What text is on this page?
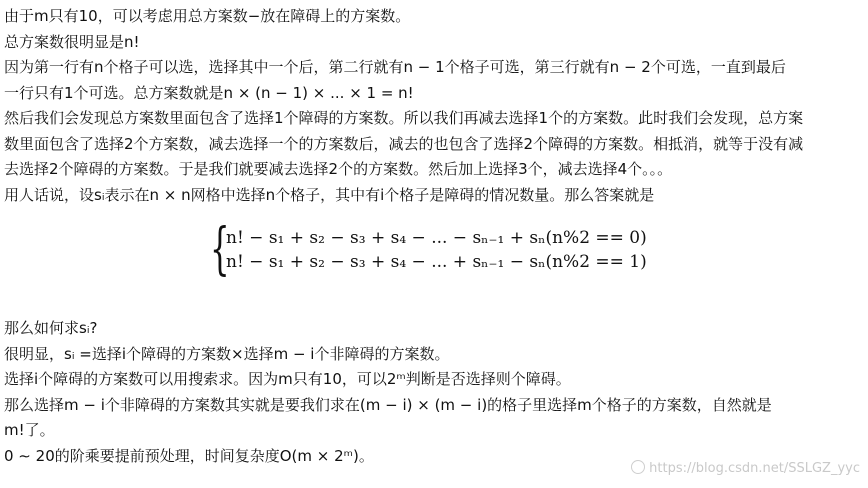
由于m只有10，可以考虑用总方案数−放在障碍上的方案数。
总方案数很明显是n!
因为第一行有n个格子可以选，选择其中一个后，第二行就有n − 1个格子可选，第三行就有n − 2个可选，一直到最后
一行只有1个可选。总方案数就是n × (n − 1) × ... × 1 = n!
然后我们会发现总方案数里面包含了选择1个障碍的方案数。所以我们再减去选择1个的方案数。此时我们会发现，总方案
数里面包含了选择2个方案数，减去选择一个的方案数后，减去的也包含了选择2个障碍的方案数。相抵消，就等于没有减
去选择2个障碍的方案数。于是我们就要减去选择2个的方案数。然后加上选择3个，减去选择4个。。。
用人话说，设sᵢ表示在n × n网格中选择n个格子，其中有i个格子是障碍的情况数量。那么答案就是
那么如何求sᵢ?
很明显，sᵢ =选择i个障碍的方案数×选择m − i个非障碍的方案数。
选择i个障碍的方案数可以用搜索求。因为m只有10，可以2ᵐ判断是否选择则个障碍。
那么选择m − i个非障碍的方案数其实就是要我们求在(m − i) × (m − i)的格子里选择m个格子的方案数，自然就是
m!了。
0 ∼ 20的阶乘要提前预处理，时间复杂度O(m × 2ᵐ)。
{
n! − s₁ + s₂ − s₃ + s₄ − ... − sₙ₋₁ + sₙ(n%2 == 0)
n! − s₁ + s₂ − s₃ + s₄ − ... + sₙ₋₁ − sₙ(n%2 == 1)
https://blog.csdn.net/SSLGZ_yyc
